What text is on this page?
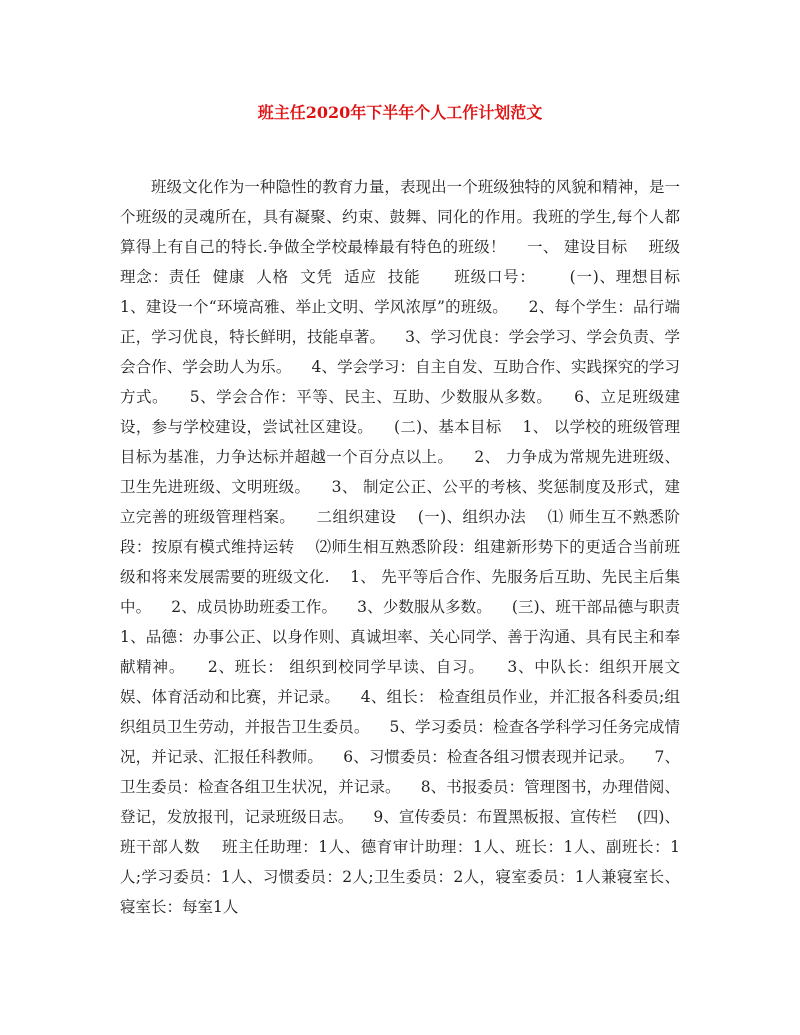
班主任2020年下半年个人工作计划范文

班级文化作为一种隐性的教育力量，表现出一个班级独特的风貌和精神，是一个班级的灵魂所在，具有凝聚、约束、鼓舞、同化的作用。我班的学生,每个人都算得上有自己的特长.争做全学校最棒最有特色的班级！    一、 建设目标    班级理念：责任  健康  人格  文凭  适应  技能      班级口号：      (一)、理想目标    1、建设一个“环境高雅、举止文明、学风浓厚”的班级。    2、每个学生：品行端正，学习优良，特长鲜明，技能卓著。    3、学习优良：学会学习、学会负责、学会合作、学会助人为乐。    4、学会学习：自主自发、互助合作、实践探究的学习方式。    5、学会合作：平等、民主、互助、少数服从多数。    6、立足班级建设，参与学校建设，尝试社区建设。    (二)、基本目标    1、 以学校的班级管理目标为基准，力争达标并超越一个百分点以上。    2、 力争成为常规先进班级、卫生先进班级、文明班级。    3、 制定公正、公平的考核、奖惩制度及形式，建立完善的班级管理档案。    二组织建设    (一)、组织办法    ⑴ 师生互不熟悉阶段：按原有模式维持运转    ⑵师生相互熟悉阶段：组建新形势下的更适合当前班级和将来发展需要的班级文化.    1、 先平等后合作、先服务后互助、先民主后集中。    2、成员协助班委工作。    3、少数服从多数。    (三)、班干部品德与职责    1、品德：办事公正、以身作则、真诚坦率、关心同学、善于沟通、具有民主和奉献精神。    2、班长： 组织到校同学早读、自习。    3、中队长：组织开展文娱、体育活动和比赛，并记录。    4、组长： 检查组员作业，并汇报各科委员;组织组员卫生劳动，并报告卫生委员。    5、学习委员：检查各学科学习任务完成情况，并记录、汇报任科教师。    6、习惯委员：检查各组习惯表现并记录。    7、卫生委员：检查各组卫生状况，并记录。    8、书报委员：管理图书，办理借阅、登记，发放报刊，记录班级日志。    9、宣传委员：布置黑板报、宣传栏    (四)、班干部人数    班主任助理：1人、德育审计助理：1人、班长：1人、副班长：1人;学习委员：1人、习惯委员：2人;卫生委员：2人，寝室委员：1人兼寝室长、寝室长：每室1人
